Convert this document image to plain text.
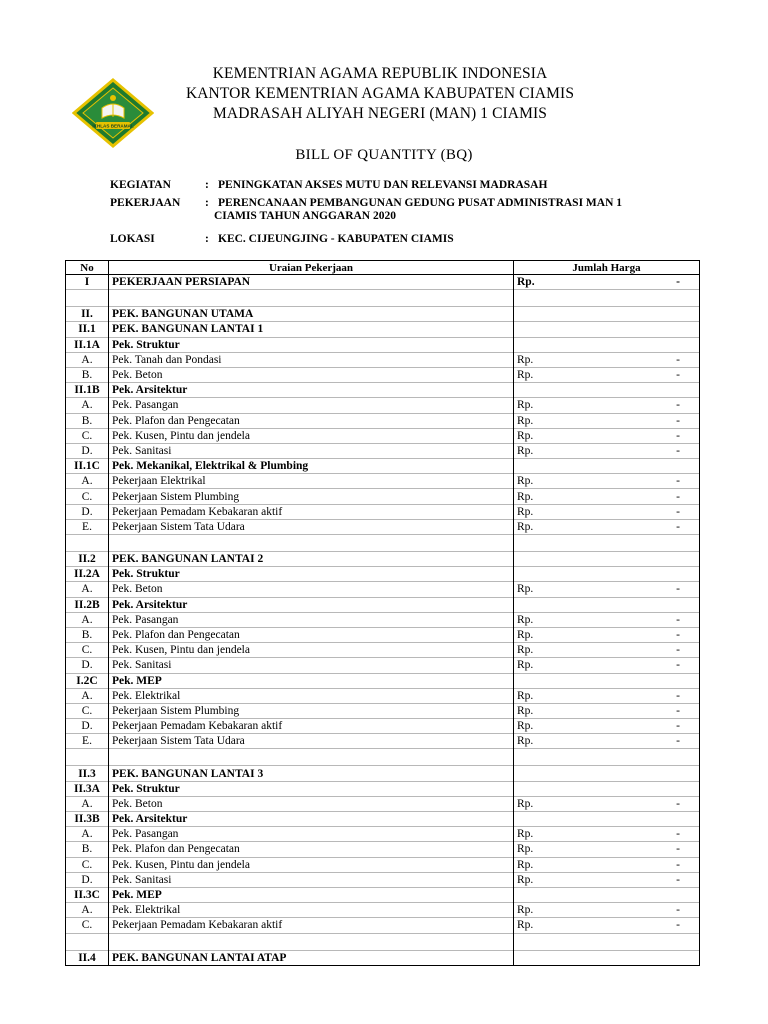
IKHLAS BERAMAL
KEMENTRIAN AGAMA REPUBLIK INDONESIA
KANTOR KEMENTRIAN AGAMA KABUPATEN CIAMIS
MADRASAH ALIYAH NEGERI (MAN) 1 CIAMIS
BILL OF QUANTITY (BQ)
KEGIATAN	: PENINGKATAN AKSES MUTU DAN RELEVANSI MADRASAH
PEKERJAAN	: PERENCANAAN PEMBANGUNAN GEDUNG PUSAT ADMINISTRASI MAN 1
CIAMIS TAHUN ANGGARAN 2020
LOKASI	: KEC. CIJEUNGJING - KABUPATEN CIAMIS
No	Uraian Pekerjaan	Jumlah Harga
I	PEKERJAAN PERSIAPAN	Rp. -

II.	PEK. BANGUNAN UTAMA	
II.1	PEK. BANGUNAN LANTAI 1	
II.1A	Pek. Struktur	
A.	Pek. Tanah dan Pondasi	Rp. -

B.	Pek. Beton	Rp. -

II.1B	Pek. Arsitektur	
A.	Pek. Pasangan	Rp. -

B.	Pek. Plafon dan Pengecatan	Rp. -

C.	Pek. Kusen, Pintu dan jendela	Rp. -

D.	Pek. Sanitasi	Rp. -

II.1C	Pek. Mekanikal, Elektrikal & Plumbing	
A.	Pekerjaan Elektrikal	Rp. -

C.	Pekerjaan Sistem Plumbing	Rp. -

D.	Pekerjaan Pemadam Kebakaran aktif	Rp. -

E.	Pekerjaan Sistem Tata Udara	Rp. -

II.2	PEK. BANGUNAN LANTAI 2	
II.2A	Pek. Struktur	
A.	Pek. Beton	Rp. -

II.2B	Pek. Arsitektur	
A.	Pek. Pasangan	Rp. -

B.	Pek. Plafon dan Pengecatan	Rp. -

C.	Pek. Kusen, Pintu dan jendela	Rp. -

D.	Pek. Sanitasi	Rp. -

I.2C	Pek. MEP	
A.	Pek. Elektrikal	Rp. -

C.	Pekerjaan Sistem Plumbing	Rp. -

D.	Pekerjaan Pemadam Kebakaran aktif	Rp. -

E.	Pekerjaan Sistem Tata Udara	Rp. -

II.3	PEK. BANGUNAN LANTAI 3	
II.3A	Pek. Struktur	
A.	Pek. Beton	Rp. -

II.3B	Pek. Arsitektur	
A.	Pek. Pasangan	Rp. -

B.	Pek. Plafon dan Pengecatan	Rp. -

C.	Pek. Kusen, Pintu dan jendela	Rp. -

D.	Pek. Sanitasi	Rp. -

II.3C	Pek. MEP	
A.	Pek. Elektrikal	Rp. -

C.	Pekerjaan Pemadam Kebakaran aktif	Rp. -

II.4	PEK. BANGUNAN LANTAI ATAP	
